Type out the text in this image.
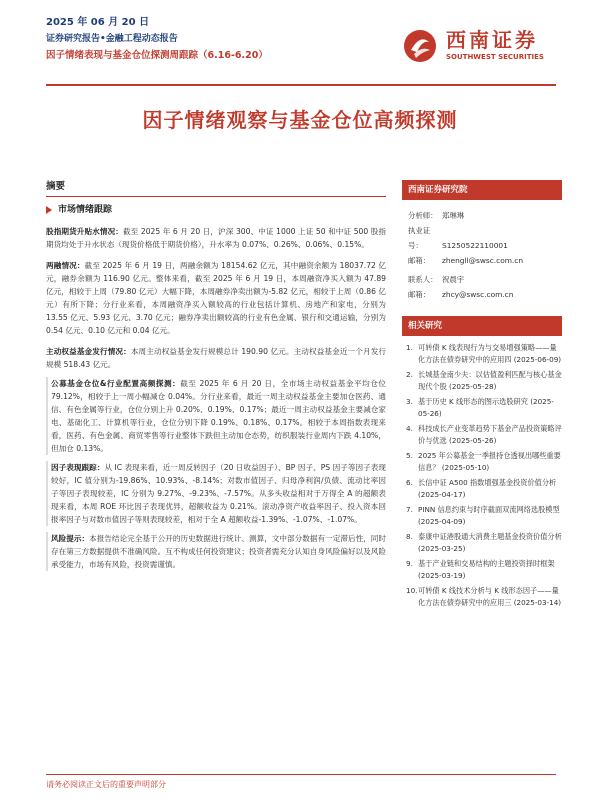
2025 年 06 月 20 日
证券研究报告•金融工程动态报告
因子情绪表现与基金仓位探测周跟踪（6.16-6.20）
西南证券
SOUTHWEST SECURITIES
因子情绪观察与基金仓位高频探测
摘要
市场情绪跟踪
股指期货升贴水情况：截至 2025 年 6 月 20 日，沪深 300、中证 1000 上证 50 和中证 500 股指期货均处于升水状态（现货价格低于期货价格），升水率为 0.07%、0.26%、0.06%、0.15%。
两融情况：截至 2025 年 6 月 19 日，两融余额为 18154.62 亿元，其中融资余额为 18037.72 亿元，融券余额为 116.90 亿元。整体来看，截至 2025 年 6 月 19 日，本周融资净买入额为 47.89 亿元，相较于上周（79.80 亿元）大幅下降，本周融券净卖出额为-5.82 亿元，相较于上周（0.86 亿元）有所下降；分行业来看，本周融资净买入额较高的行业包括计算机、房地产和家电，分别为 13.55 亿元、5.93 亿元、3.70 亿元；融券净卖出额较高的行业有色金属、银行和交通运输，分别为 0.54 亿元、0.10 亿元和 0.04 亿元。
主动权益基金发行情况：本周主动权益基金发行规模总计 190.90 亿元。主动权益基金近一个月发行规模 518.43 亿元。
公募基金仓位&行业配置高频探测：截至 2025 年 6 月 20 日，全市场主动权益基金平均仓位 79.12%，相较于上一周小幅减仓 0.04%。分行业来看，最近一周主动权益基金主要加仓医药、通信、有色金属等行业，仓位分别上升 0.20%、0.19%、0.17%；最近一周主动权益基金主要减仓家电、基础化工、计算机等行业，仓位分别下降 0.19%、0.18%、0.17%。相较于本周指数表现来看，医药、有色金属、商贸零售等行业整体下跌但主动加仓态势，纺织服装行业周内下跌 4.10%，但加仓 0.13%。
因子表现跟踪：从 IC 表现来看，近一周反转因子（20 日收益因子）、BP 因子、PS 因子等因子表现较好，IC 值分别为-19.86%、10.93%、-8.14%；对数市值因子、归母净利润/负债、流动比率因子等因子表现较差，IC 分别为 9.27%、-9.23%、-7.57%。从多头收益相对于万得全 A 的超额表现来看，本周 ROE 环比因子表现优异，超额收益为 0.21%。滚动净资产收益率因子、投入资本回报率因子与对数市值因子等则表现较差，相对于全 A 超额收益-1.39%、-1.07%、-1.07%。
风险提示：本报告结论完全基于公开的历史数据进行统计、测算，文中部分数据有一定滞后性，同时存在第三方数据提供不准确风险。互不构成任何投资建议；投资者需充分认知自身风险偏好以及风险承受能力，市场有风险，投资需谨慎。
西南证券研究院
分析师： 郑琳琳
执业证号：	S1250522110001
邮箱： zhengll@swsc.com.cn
联系人： 祝晨宇
邮箱： zhcy@swsc.com.cn
相关研究
1. 可转债 K 线表现行为与交易增强策略——量化方法在债券研究中的应用四 (2025-06-09)
2. 长城基金南少夫：以估值盈利匹配与核心基金现代个股 (2025-05-28)
3. 基于历史 K 线形态的图示选股研究 (2025-05-26)
4. 科技成长产业变革趋势下基金产品投资策略评价与优选 (2025-05-26)
5. 2025 年公募基金一季报持仓透视出哪些重要信息？ (2025-05-10)
6. 长信中证 A500 指数增强基金投资价值分析 (2025-04-17)
7. PINN 信息约束与时序截面双流网络选股模型 (2025-04-09)
8. 泰康中证港股通大消费主题基金投资价值分析 (2025-03-25)
9. 基于产业链和交易结构的主题投资择时框架 (2025-03-19)
10. 可转债 K 线技术分析与 K 线形态因子——量化方法在债券研究中的应用三 (2025-03-14)
请务必阅读正文后的重要声明部分
